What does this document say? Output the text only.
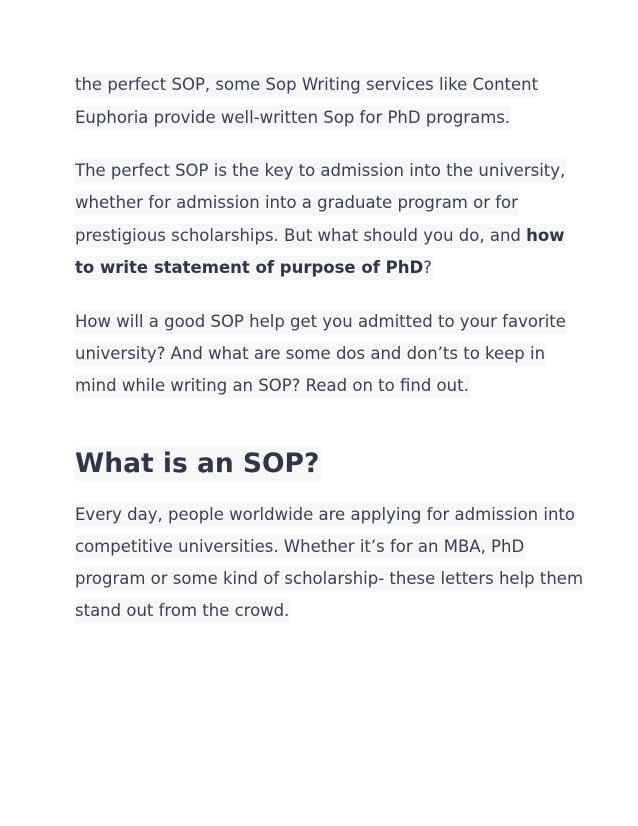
the perfect SOP, some Sop Writing services like Content
Euphoria provide well-written Sop for PhD programs.
The perfect SOP is the key to admission into the university,
whether for admission into a graduate program or for
prestigious scholarships. But what should you do, and how
to write statement of purpose of PhD?
How will a good SOP help get you admitted to your favorite
university? And what are some dos and don’ts to keep in
mind while writing an SOP? Read on to find out.
What is an SOP?
Every day, people worldwide are applying for admission into
competitive universities. Whether it’s for an MBA, PhD
program or some kind of scholarship- these letters help them
stand out from the crowd.
